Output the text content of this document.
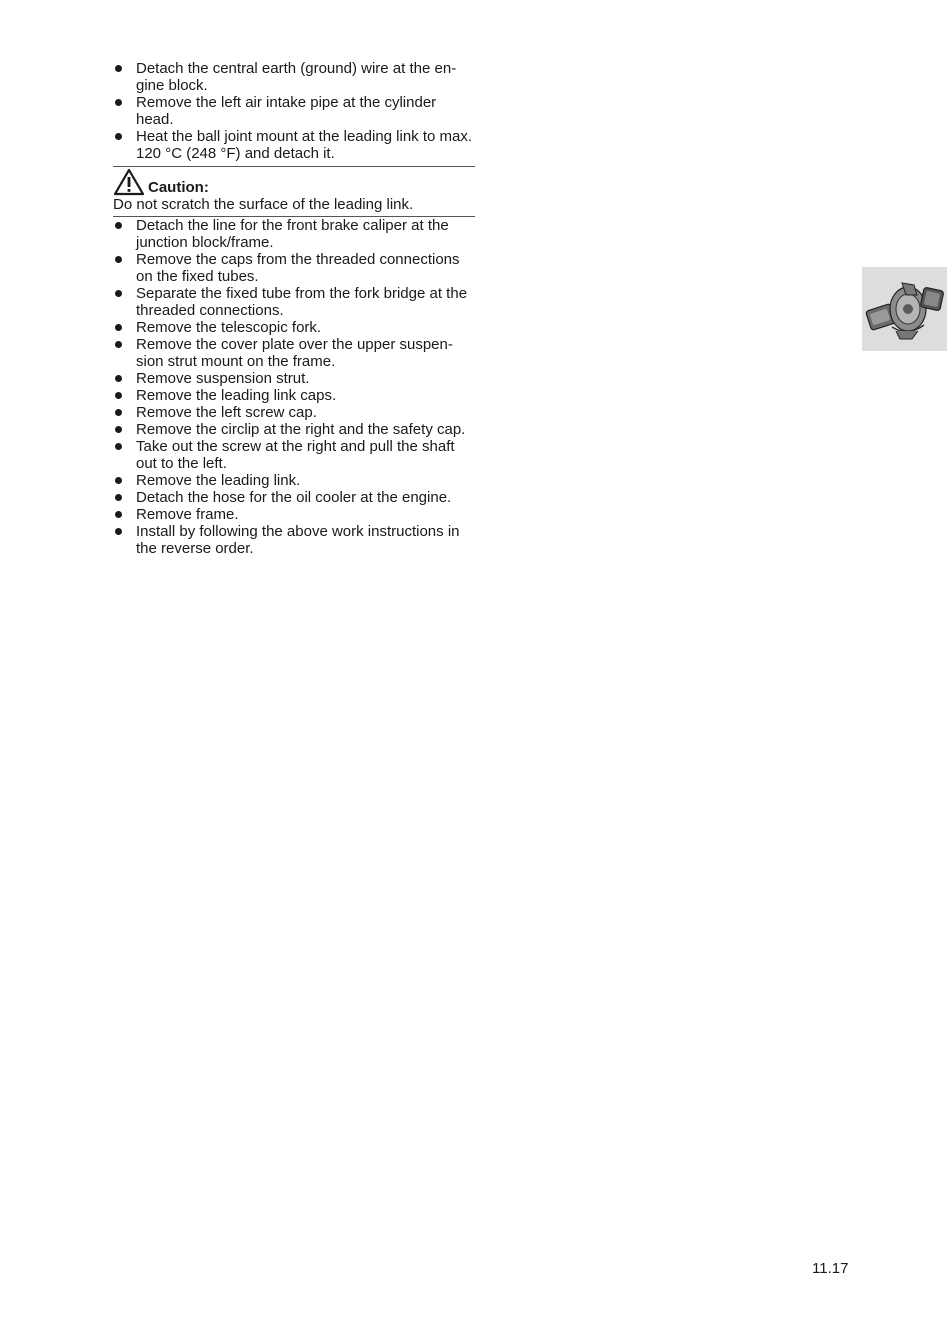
Detach the central earth (ground) wire at the engine block.
Remove the left air intake pipe at the cylinder head.
Heat the ball joint mount at the leading link to max. 120 °C (248 °F) and detach it.
Caution:
Do not scratch the surface of the leading link.
Detach the line for the front brake caliper at the junction block/frame.
Remove the caps from the threaded connections on the fixed tubes.
Separate the fixed tube from the fork bridge at the threaded connections.
Remove the telescopic fork.
Remove the cover plate over the upper suspension strut mount on the frame.
Remove suspension strut.
Remove the leading link caps.
Remove the left screw cap.
Remove the circlip at the right and the safety cap.
Take out the screw at the right and pull the shaft out to the left.
Remove the leading link.
Detach the hose for the oil cooler at the engine.
Remove frame.
Install by following the above work instructions in the reverse order.
11.17
